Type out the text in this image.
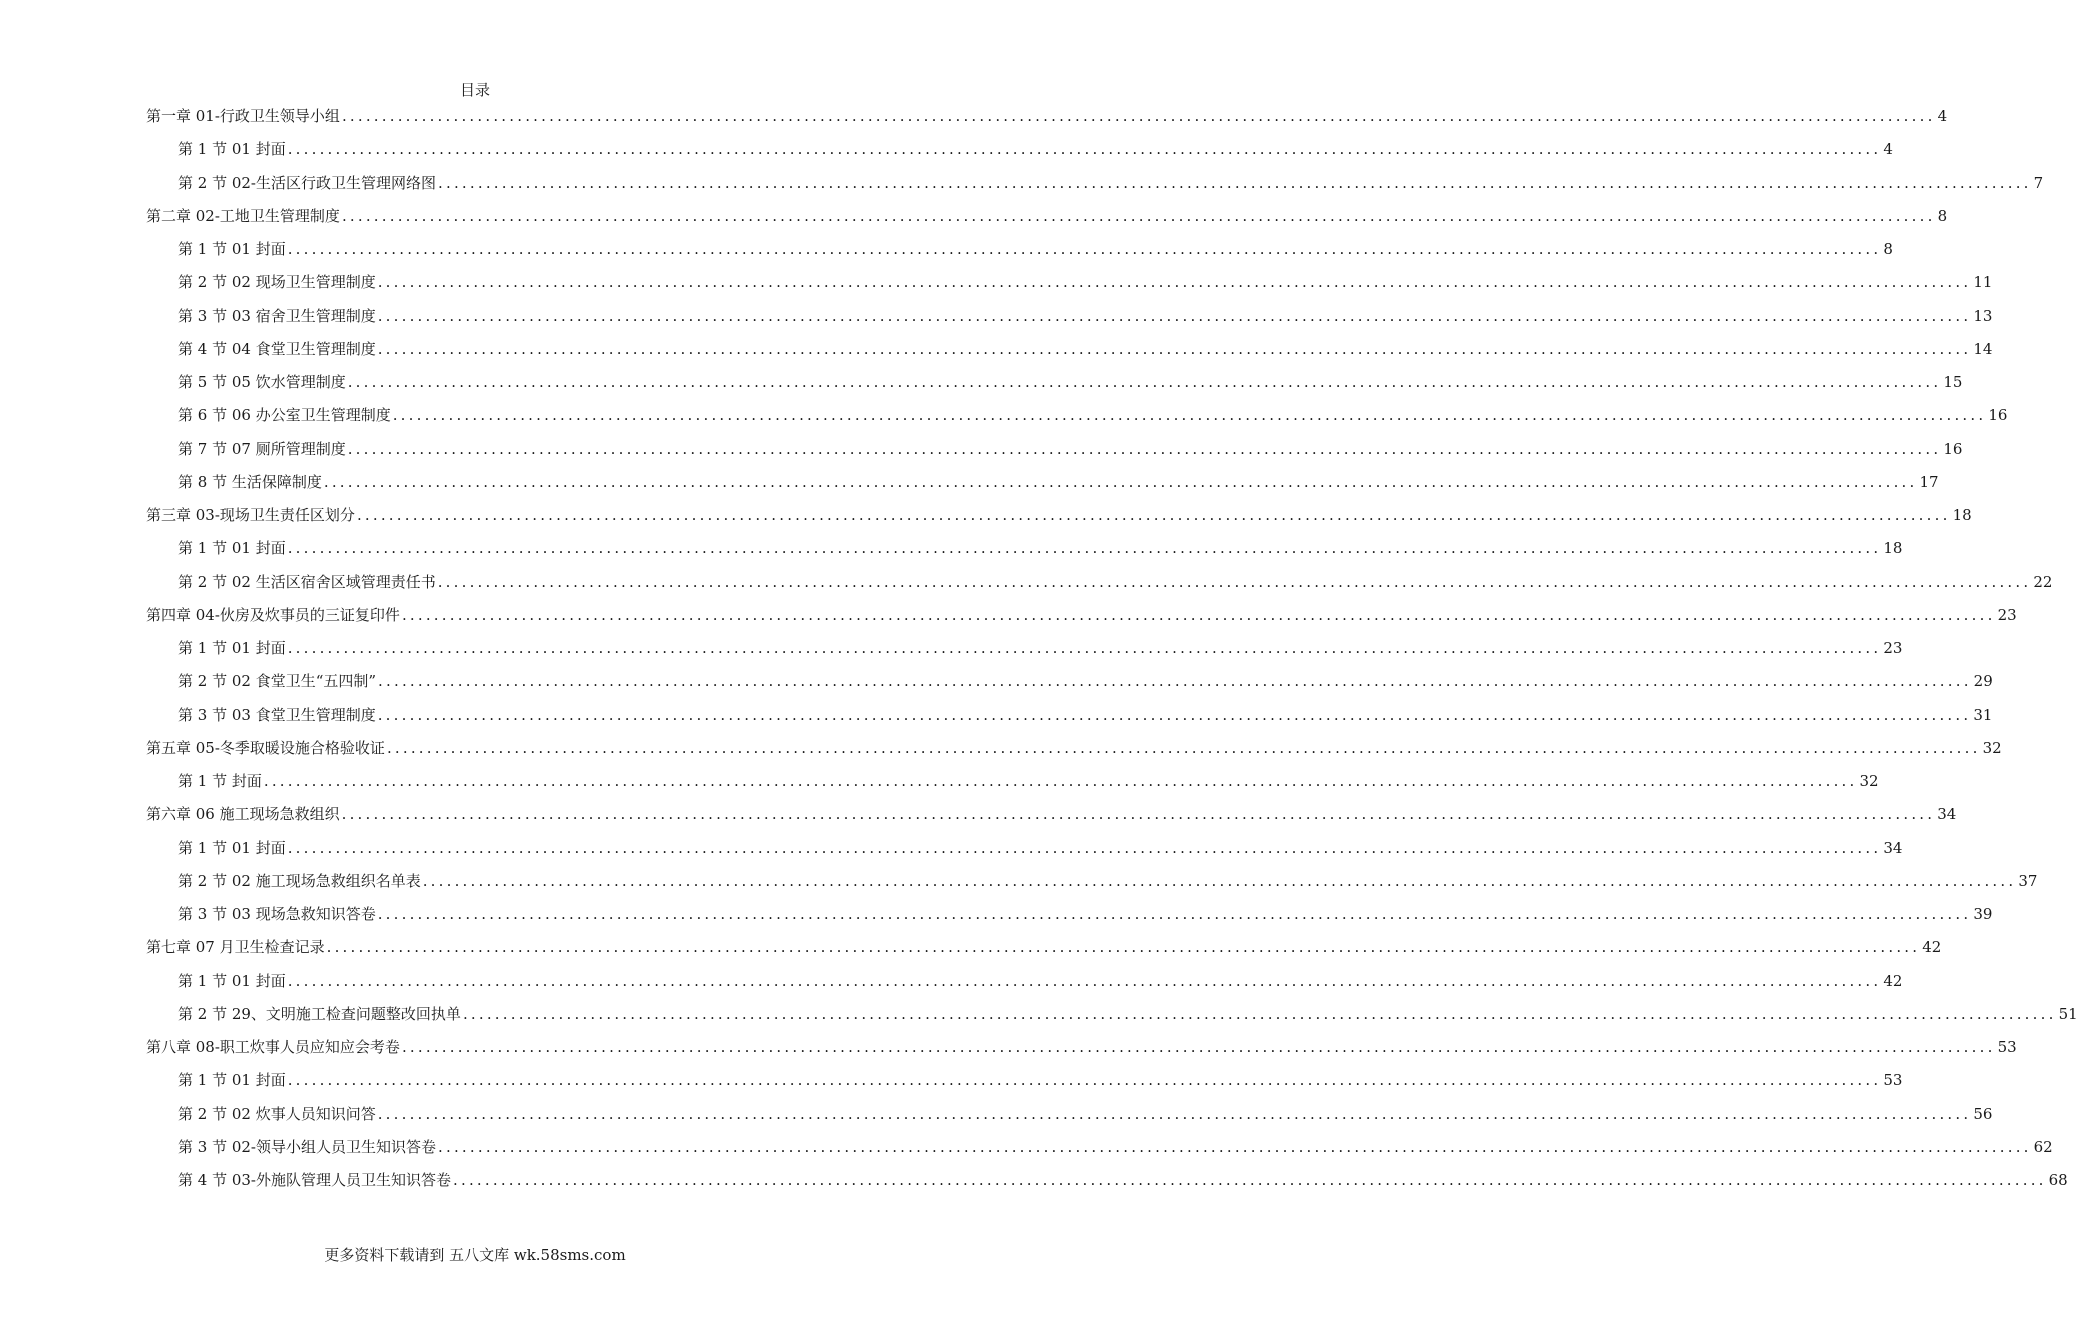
目录
第一章 01-行政卫生领导小组 ........................................................................................................................................................................................................ 4
第 1 节 01 封面 ........................................................................................................................................................................................................ 4
第 2 节 02-生活区行政卫生管理网络图 ........................................................................................................................................................................................................ 7
第二章 02-工地卫生管理制度 ........................................................................................................................................................................................................ 8
第 1 节 01 封面 ........................................................................................................................................................................................................ 8
第 2 节 02 现场卫生管理制度 ........................................................................................................................................................................................................ 11
第 3 节 03 宿舍卫生管理制度 ........................................................................................................................................................................................................ 13
第 4 节 04 食堂卫生管理制度 ........................................................................................................................................................................................................ 14
第 5 节 05 饮水管理制度 ........................................................................................................................................................................................................ 15
第 6 节 06 办公室卫生管理制度 ........................................................................................................................................................................................................ 16
第 7 节 07 厕所管理制度 ........................................................................................................................................................................................................ 16
第 8 节 生活保障制度 ........................................................................................................................................................................................................ 17
第三章 03-现场卫生责任区划分 ........................................................................................................................................................................................................ 18
第 1 节 01 封面 ........................................................................................................................................................................................................ 18
第 2 节 02 生活区宿舍区域管理责任书 ........................................................................................................................................................................................................ 22
第四章 04-伙房及炊事员的三证复印件 ........................................................................................................................................................................................................ 23
第 1 节 01 封面 ........................................................................................................................................................................................................ 23
第 2 节 02 食堂卫生“五四制” ........................................................................................................................................................................................................ 29
第 3 节 03 食堂卫生管理制度 ........................................................................................................................................................................................................ 31
第五章 05-冬季取暖设施合格验收证 ........................................................................................................................................................................................................ 32
第 1 节 封面 ........................................................................................................................................................................................................ 32
第六章 06 施工现场急救组织 ........................................................................................................................................................................................................ 34
第 1 节 01 封面 ........................................................................................................................................................................................................ 34
第 2 节 02 施工现场急救组织名单表 ........................................................................................................................................................................................................ 37
第 3 节 03 现场急救知识答卷 ........................................................................................................................................................................................................ 39
第七章 07 月卫生检查记录 ........................................................................................................................................................................................................ 42
第 1 节 01 封面 ........................................................................................................................................................................................................ 42
第 2 节 29、文明施工检查问题整改回执单 ........................................................................................................................................................................................................ 51
第八章 08-职工炊事人员应知应会考卷 ........................................................................................................................................................................................................ 53
第 1 节 01 封面 ........................................................................................................................................................................................................ 53
第 2 节 02 炊事人员知识问答 ........................................................................................................................................................................................................ 56
第 3 节 02-领导小组人员卫生知识答卷 ........................................................................................................................................................................................................ 62
第 4 节 03-外施队管理人员卫生知识答卷 ........................................................................................................................................................................................................ 68
更多资料下载请到 五八文库 wk.58sms.com
